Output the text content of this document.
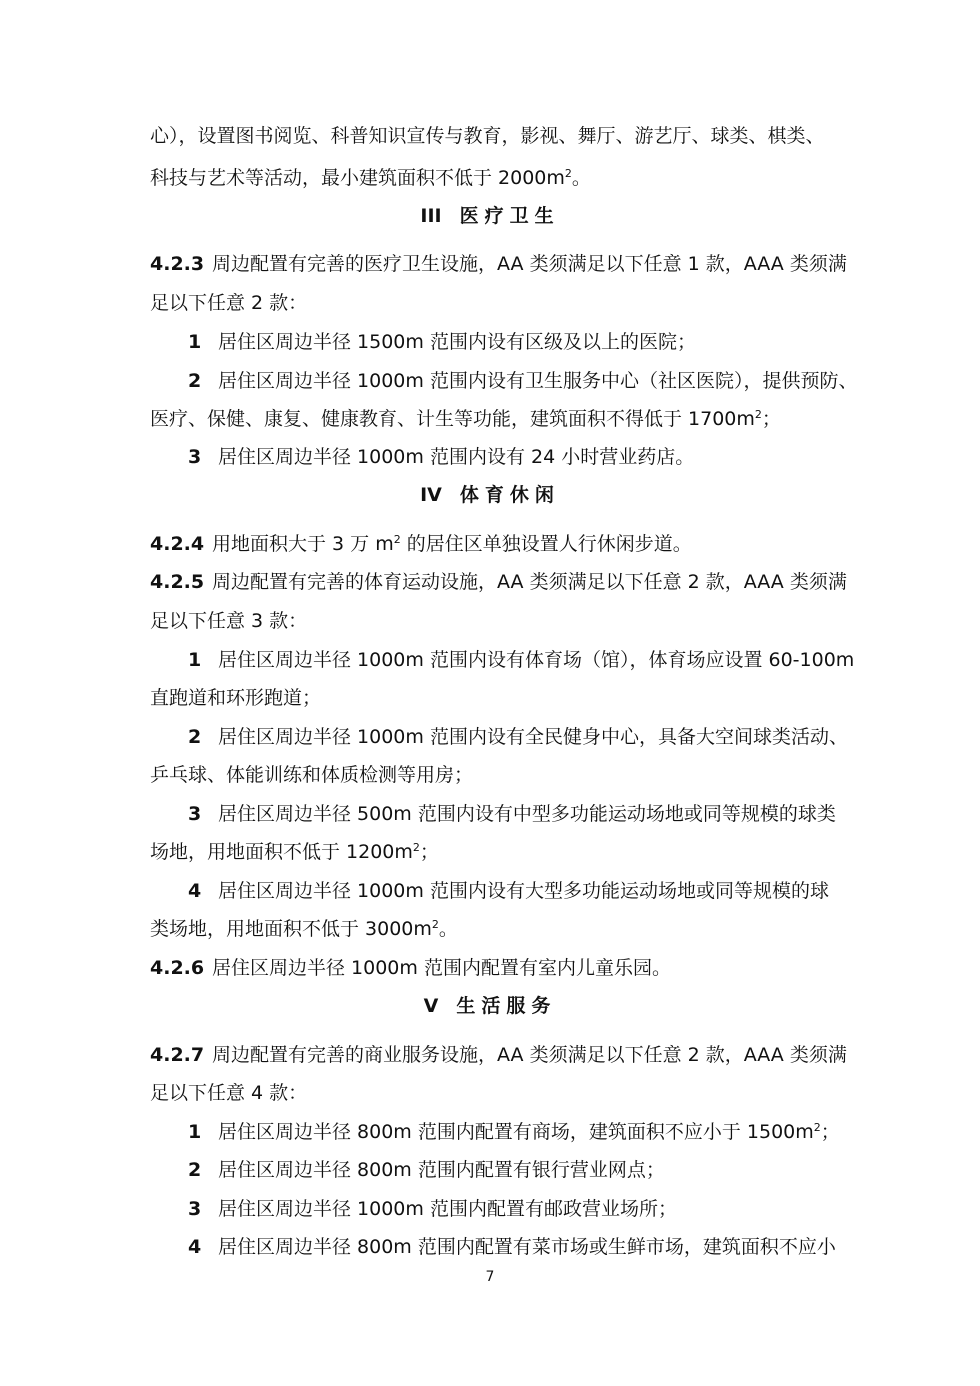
心），设置图书阅览、科普知识宣传与教育，影视、舞厅、游艺厅、球类、棋类、

科技与艺术等活动，最小建筑面积不低于 $2000m^2$。

III 医疗卫生

4.2.3 周边配置有完善的医疗卫生设施，AA 类须满足以下任意 1 款，AAA 类须满

足以下任意 2 款：

1 居住区周边半径 1500m 范围内设有区级及以上的医院；

2 居住区周边半径 1000m 范围内设有卫生服务中心（社区医院），提供预防、

医疗、保健、康复、健康教育、计生等功能，建筑面积不得低于 $1700m^2$；

3 居住区周边半径 1000m 范围内设有 24 小时营业药店。

IV 体育休闲

4.2.4 用地面积大于 3 万 $m^2$ 的居住区单独设置人行休闲步道。

4.2.5 周边配置有完善的体育运动设施，AA 类须满足以下任意 2 款，AAA 类须满

足以下任意 3 款：

1 居住区周边半径 1000m 范围内设有体育场（馆），体育场应设置 60-100m

直跑道和环形跑道；

2 居住区周边半径 1000m 范围内设有全民健身中心，具备大空间球类活动、

乒乓球、体能训练和体质检测等用房；

3 居住区周边半径 500m 范围内设有中型多功能运动场地或同等规模的球类

场地，用地面积不低于 $1200m^2$；

4 居住区周边半径 1000m 范围内设有大型多功能运动场地或同等规模的球

类场地，用地面积不低于 $3000m^2$。

4.2.6 居住区周边半径 1000m 范围内配置有室内儿童乐园。

V 生活服务

4.2.7 周边配置有完善的商业服务设施，AA 类须满足以下任意 2 款，AAA 类须满

足以下任意 4 款：

1 居住区周边半径 800m 范围内配置有商场，建筑面积不应小于 $1500m^2$；

2 居住区周边半径 800m 范围内配置有银行营业网点；

3 居住区周边半径 1000m 范围内配置有邮政营业场所；

4 居住区周边半径 800m 范围内配置有菜市场或生鲜市场，建筑面积不应小

7
